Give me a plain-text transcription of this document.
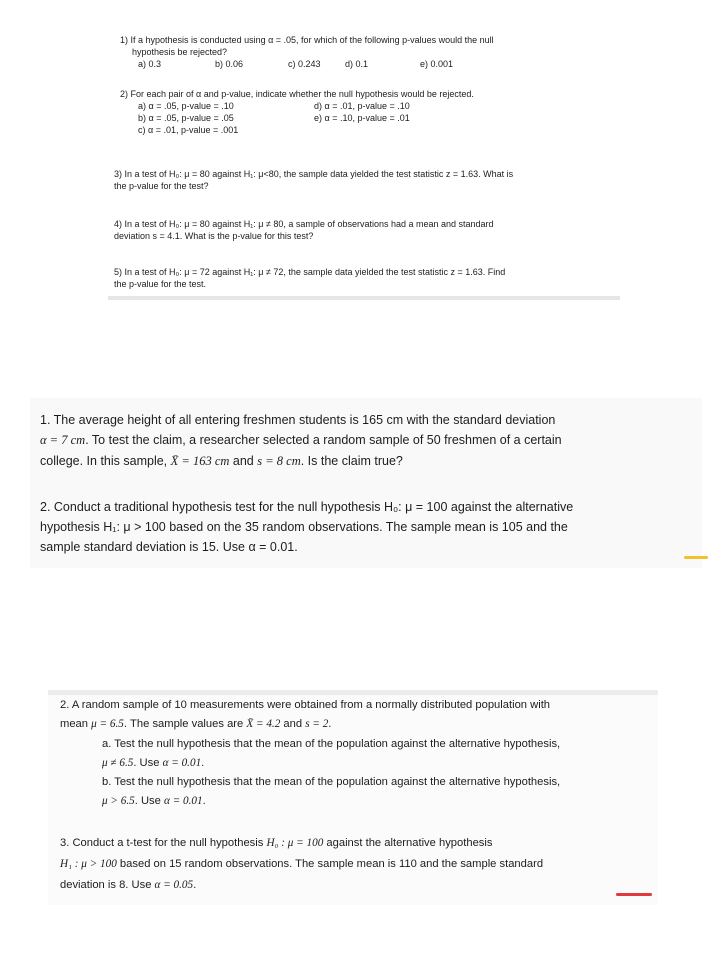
1) If a hypothesis is conducted using α = .05, for which of the following p-values would the null
hypothesis be rejected?
a) 0.3	b) 0.06	c) 0.243	d) 0.1	e) 0.001
2) For each pair of α and p-value, indicate whether the null hypothesis would be rejected.
a) α = .05, p-value = .10
b) α = .05, p-value = .05
c) α = .01, p-value = .001
d) α = .01, p-value = .10
e) α = .10, p-value = .01
3) In a test of H₀: μ = 80 against H₁: μ<80, the sample data yielded the test statistic z = 1.63. What is
the p-value for the test?
4) In a test of H₀: μ = 80 against H₁: μ ≠ 80, a sample of observations had a mean and standard
deviation s = 4.1. What is the p-value for this test?
5) In a test of H₀: μ = 72 against H₁: μ ≠ 72, the sample data yielded the test statistic z = 1.63. Find
the p-value for the test.
1. The average height of all entering freshmen students is 165 cm with the standard deviation
α = 7 cm. To test the claim, a researcher selected a random sample of 50 freshmen of a certain
college. In this sample, X̄ = 163 cm and s = 8 cm. Is the claim true?
2. Conduct a traditional hypothesis test for the null hypothesis H₀: μ = 100 against the alternative
hypothesis H₁: μ > 100 based on the 35 random observations. The sample mean is 105 and the
sample standard deviation is 15. Use α = 0.01.
2. A random sample of 10 measurements were obtained from a normally distributed population with
mean μ = 6.5. The sample values are X̄ = 4.2 and s = 2.
a. Test the null hypothesis that the mean of the population against the alternative hypothesis,
μ ≠ 6.5. Use α = 0.01.
b. Test the null hypothesis that the mean of the population against the alternative hypothesis,
μ > 6.5. Use α = 0.01.
3. Conduct a t-test for the null hypothesis H₀ : μ = 100 against the alternative hypothesis
H₁ : μ > 100 based on 15 random observations. The sample mean is 110 and the sample standard
deviation is 8. Use α = 0.05.
